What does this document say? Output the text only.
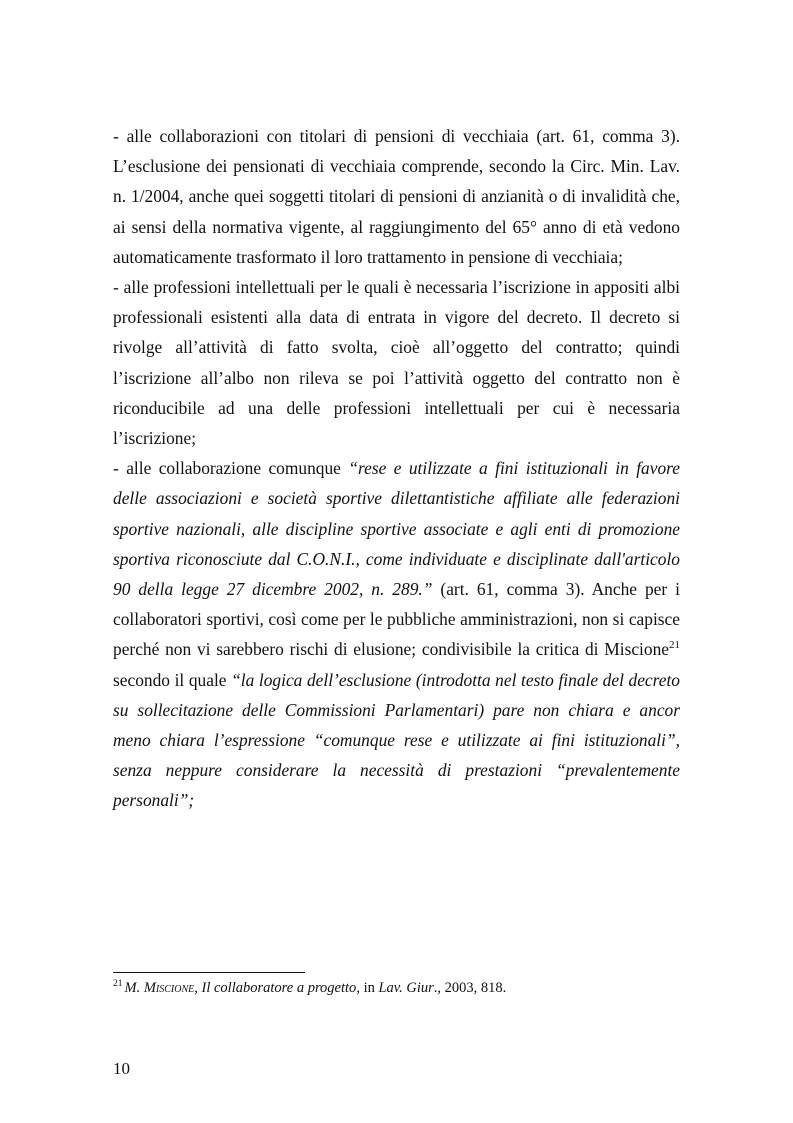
- alle collaborazioni con titolari di pensioni di vecchiaia (art. 61, comma 3). L’esclusione dei pensionati di vecchiaia comprende, secondo la Circ. Min. Lav. n. 1/2004, anche quei soggetti titolari di pensioni di anzianità o di invalidità che, ai sensi della normativa vigente, al raggiungimento del 65° anno di età vedono automaticamente trasformato il loro trattamento in pensione di vecchiaia;

- alle professioni intellettuali per le quali è necessaria l’iscrizione in appositi albi professionali esistenti alla data di entrata in vigore del decreto. Il decreto si rivolge all’attività di fatto svolta, cioè all’oggetto del contratto; quindi l’iscrizione all’albo non rileva se poi l’attività oggetto del contratto non è riconducibile ad una delle professioni intellettuali per cui è necessaria l’iscrizione;

- alle collaborazione comunque “rese e utilizzate a fini istituzionali in favore delle associazioni e società sportive dilettantistiche affiliate alle federazioni sportive nazionali, alle discipline sportive associate e agli enti di promozione sportiva riconosciute dal C.O.N.I., come individuate e disciplinate dall'articolo 90 della legge 27 dicembre 2002, n. 289.” (art. 61, comma 3). Anche per i collaboratori sportivi, così come per le pubbliche amministrazioni, non si capisce perché non vi sarebbero rischi di elusione; condivisibile la critica di Miscione$^{21}$ secondo il quale “la logica dell’esclusione (introdotta nel testo finale del decreto su sollecitazione delle Commissioni Parlamentari) pare non chiara e ancor meno chiara l’espressione “comunque rese e utilizzate ai fini istituzionali”, senza neppure considerare la necessità di prestazioni “prevalentemente personali”;

$^{21}$ M. Miscione, Il collaboratore a progetto, in Lav. Giur., 2003, 818.
10
